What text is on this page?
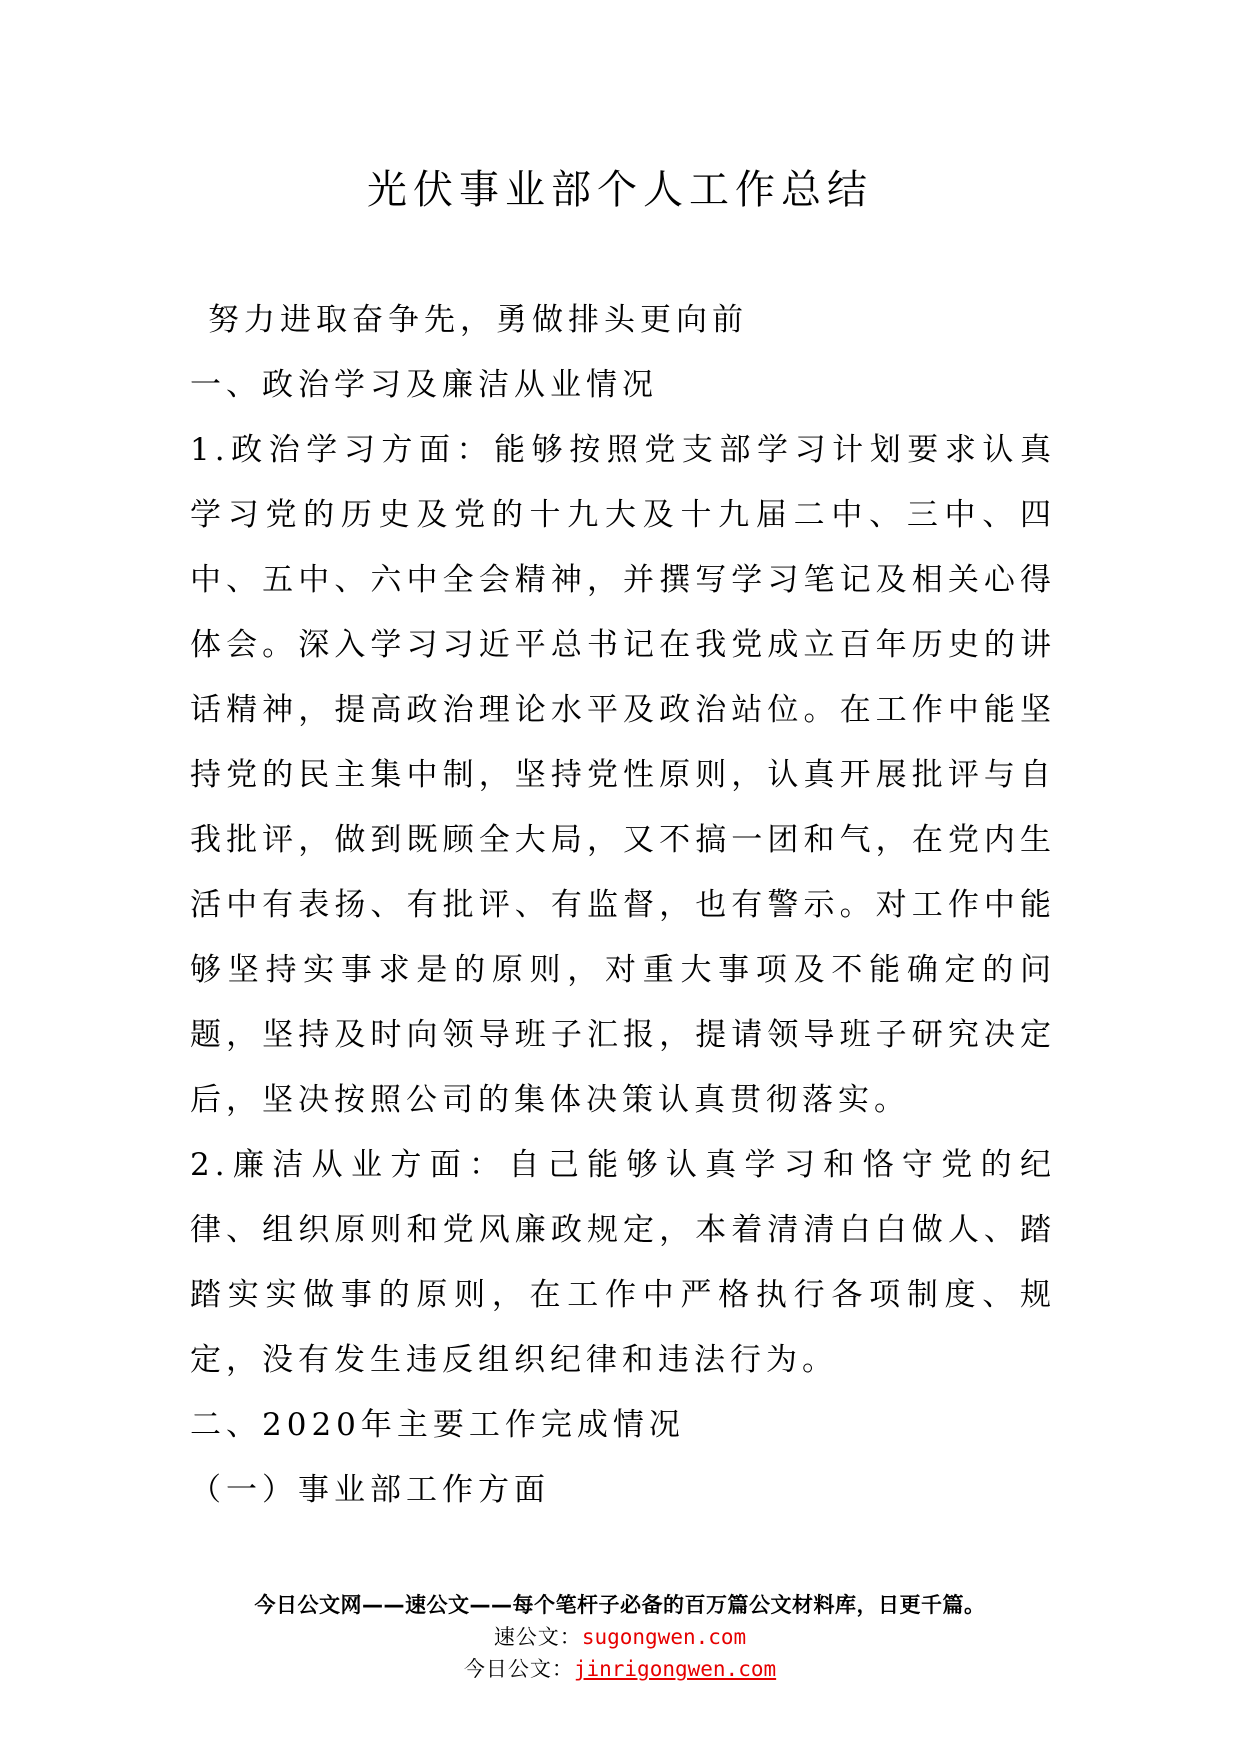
光伏事业部个人工作总结

努力进取奋争先，勇做排头更向前

一、政治学习及廉洁从业情况

1.政治学习方面：能够按照党支部学习计划要求认真学习党的历史及党的十九大及十九届二中、三中、四中、五中、六中全会精神，并撰写学习笔记及相关心得体会。深入学习习近平总书记在我党成立百年历史的讲话精神，提高政治理论水平及政治站位。在工作中能坚持党的民主集中制，坚持党性原则，认真开展批评与自我批评，做到既顾全大局，又不搞一团和气，在党内生活中有表扬、有批评、有监督，也有警示。对工作中能够坚持实事求是的原则，对重大事项及不能确定的问题，坚持及时向领导班子汇报，提请领导班子研究决定后，坚决按照公司的集体决策认真贯彻落实。

2.廉洁从业方面：自己能够认真学习和恪守党的纪律、组织原则和党风廉政规定，本着清清白白做人、踏踏实实做事的原则，在工作中严格执行各项制度、规定，没有发生违反组织纪律和违法行为。

二、2020年主要工作完成情况

（一）事业部工作方面

今日公文网——速公文——每个笔杆子必备的百万篇公文材料库，日更千篇。
速公文：sugongwen.com
今日公文：jinrigongwen.com
